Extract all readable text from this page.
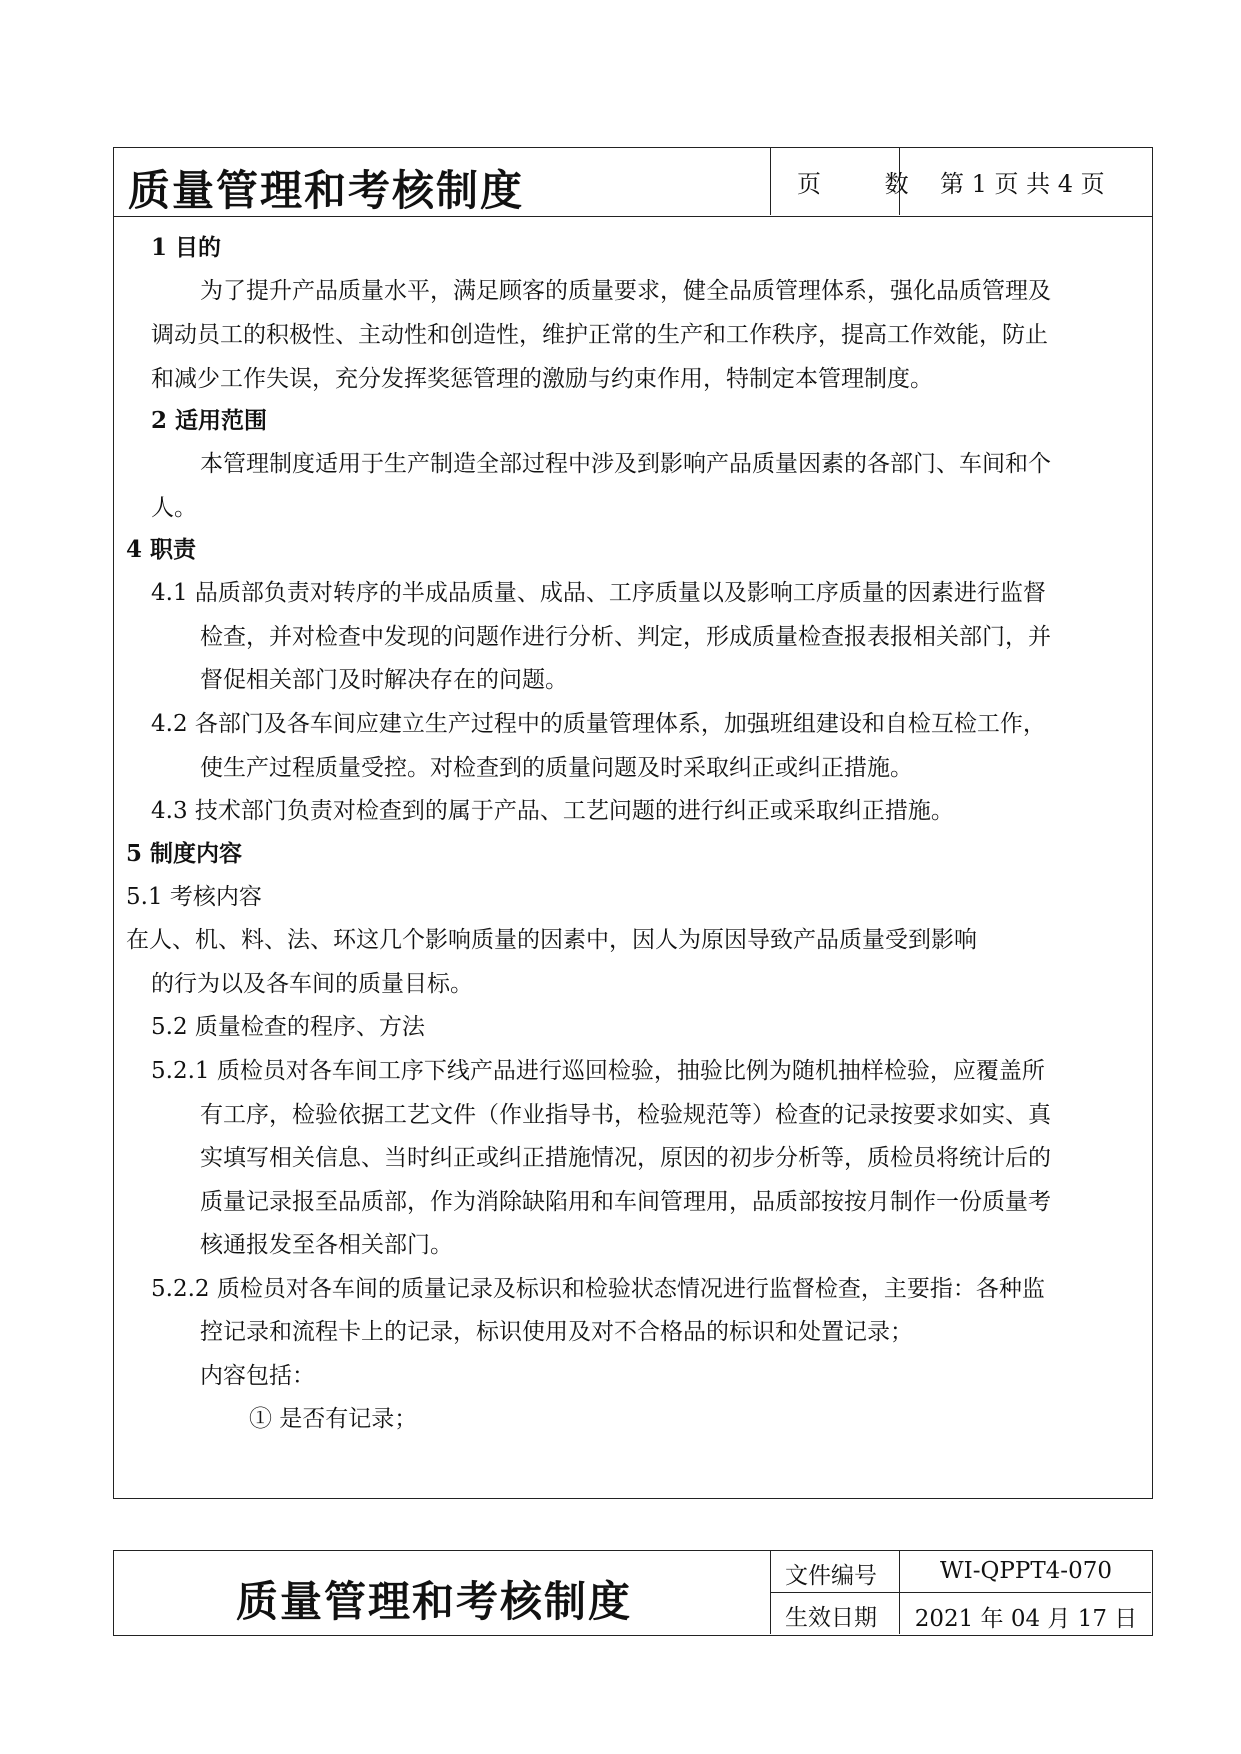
质量管理和考核制度	页 数 第 1 页 共 4 页
1 目的
为了提升产品质量水平，满足顾客的质量要求，健全品质管理体系，强化品质管理及
调动员工的积极性、主动性和创造性，维护正常的生产和工作秩序，提高工作效能，防止
和减少工作失误，充分发挥奖惩管理的激励与约束作用，特制定本管理制度。
2 适用范围
本管理制度适用于生产制造全部过程中涉及到影响产品质量因素的各部门、车间和个
人。
4 职责
4.1 品质部负责对转序的半成品质量、成品、工序质量以及影响工序质量的因素进行监督
检查，并对检查中发现的问题作进行分析、判定，形成质量检查报表报相关部门，并
督促相关部门及时解决存在的问题。
4.2 各部门及各车间应建立生产过程中的质量管理体系，加强班组建设和自检互检工作，
使生产过程质量受控。对检查到的质量问题及时采取纠正或纠正措施。
4.3 技术部门负责对检查到的属于产品、工艺问题的进行纠正或采取纠正措施。
5 制度内容
5.1 考核内容
在人、机、料、法、环这几个影响质量的因素中，因人为原因导致产品质量受到影响
的行为以及各车间的质量目标。
5.2 质量检查的程序、方法
5.2.1 质检员对各车间工序下线产品进行巡回检验，抽验比例为随机抽样检验，应覆盖所
有工序，检验依据工艺文件（作业指导书，检验规范等）检查的记录按要求如实、真
实填写相关信息、当时纠正或纠正措施情况，原因的初步分析等，质检员将统计后的
质量记录报至品质部，作为消除缺陷用和车间管理用，品质部按按月制作一份质量考
核通报发至各相关部门。
5.2.2 质检员对各车间的质量记录及标识和检验状态情况进行监督检查，主要指：各种监
控记录和流程卡上的记录，标识使用及对不合格品的标识和处置记录；
内容包括：
① 是否有记录；
质量管理和考核制度
文件编号	WI-QPPT4-070
生效日期	2021 年 04 月 17 日
